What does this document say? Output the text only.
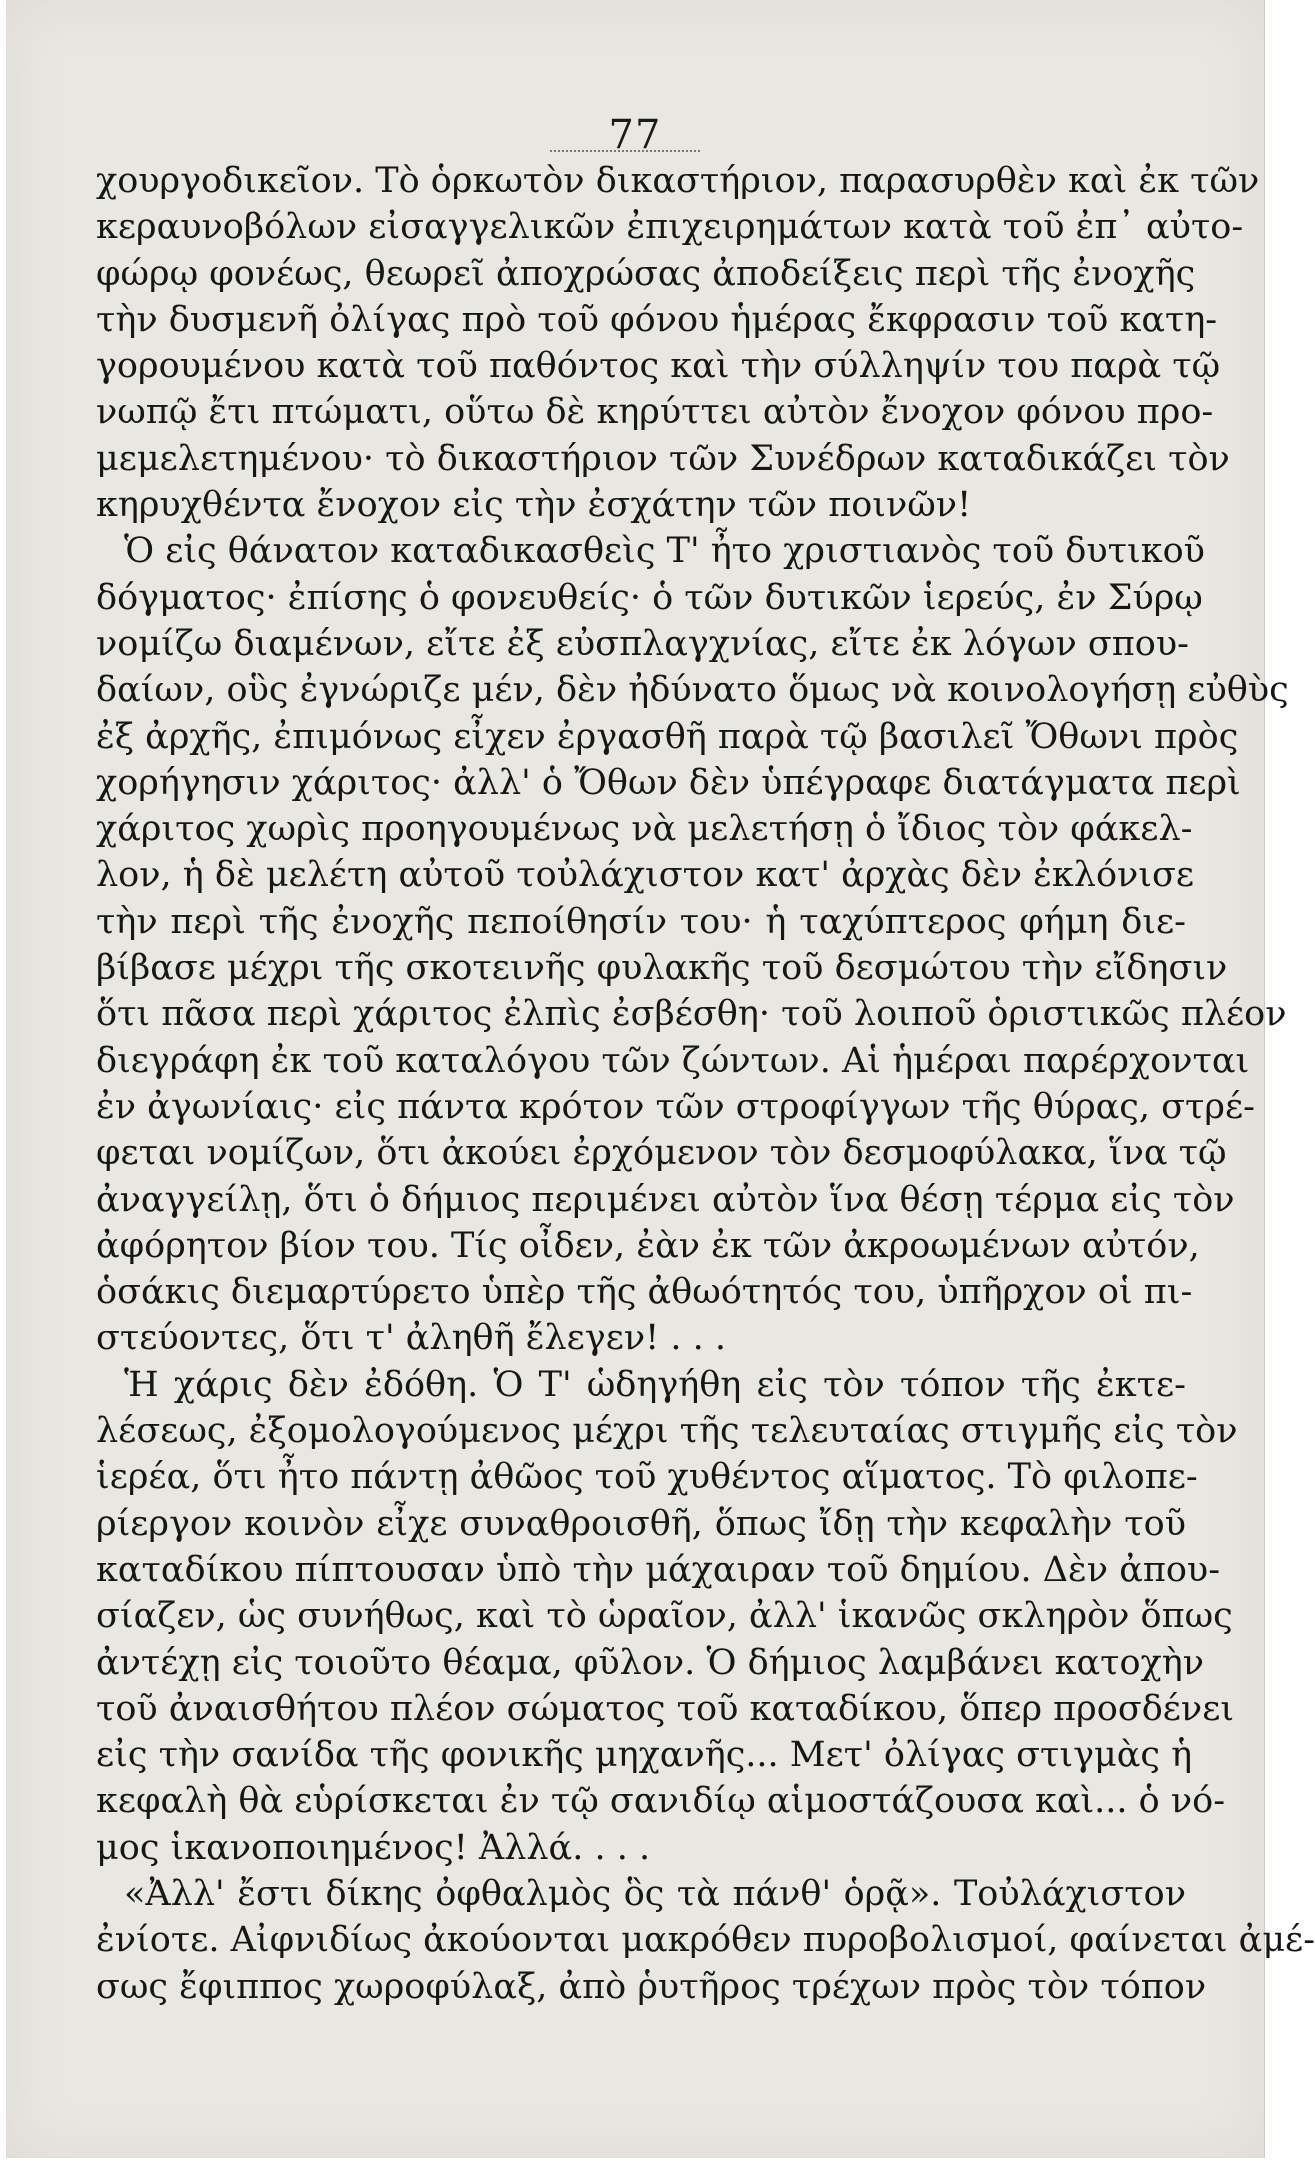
77
χουργοδικεῖον. Τὸ ὁρκωτὸν δικαστήριον, παρασυρθὲν καὶ ἐκ τῶν
κεραυνοβόλων εἰσαγγελικῶν ἐπιχειρημάτων κατὰ τοῦ ἐπ᾽ αὐτο-
φώρῳ φονέως, θεωρεῖ ἀποχρώσας ἀποδείξεις περὶ τῆς ἐνοχῆς
τὴν δυσμενῆ ὀλίγας πρὸ τοῦ φόνου ἡμέρας ἔκφρασιν τοῦ κατη-
γορουμένου κατὰ τοῦ παθόντος καὶ τὴν σύλληψίν του παρὰ τῷ
νωπῷ ἔτι πτώματι, οὕτω δὲ κηρύττει αὐτὸν ἔνοχον φόνου προ-
μεμελετημένου· τὸ δικαστήριον τῶν Συνέδρων καταδικάζει τὸν
κηρυχθέντα ἔνοχον εἰς τὴν ἐσχάτην τῶν ποινῶν!
Ὁ εἰς θάνατον καταδικασθεὶς Τ' ἦτο χριστιανὸς τοῦ δυτικοῦ
δόγματος· ἐπίσης ὁ φονευθείς· ὁ τῶν δυτικῶν ἱερεύς, ἐν Σύρῳ
νομίζω διαμένων, εἴτε ἐξ εὐσπλαγχνίας, εἴτε ἐκ λόγων σπου-
δαίων, οὓς ἐγνώριζε μέν, δὲν ἠδύνατο ὅμως νὰ κοινολογήσῃ εὐθὺς
ἐξ ἀρχῆς, ἐπιμόνως εἶχεν ἐργασθῆ παρὰ τῷ βασιλεῖ Ὄθωνι πρὸς
χορήγησιν χάριτος· ἀλλ' ὁ Ὄθων δὲν ὑπέγραφε διατάγματα περὶ
χάριτος χωρὶς προηγουμένως νὰ μελετήσῃ ὁ ἴδιος τὸν φάκελ-
λον, ἡ δὲ μελέτη αὐτοῦ τοὐλάχιστον κατ' ἀρχὰς δὲν ἐκλόνισε
τὴν περὶ τῆς ἐνοχῆς πεποίθησίν του· ἡ ταχύπτερος φήμη διε-
βίβασε μέχρι τῆς σκοτεινῆς φυλακῆς τοῦ δεσμώτου τὴν εἴδησιν
ὅτι πᾶσα περὶ χάριτος ἐλπὶς ἐσβέσθη· τοῦ λοιποῦ ὁριστικῶς πλέον
διεγράφη ἐκ τοῦ καταλόγου τῶν ζώντων. Αἱ ἡμέραι παρέρχονται
ἐν ἀγωνίαις· εἰς πάντα κρότον τῶν στροφίγγων τῆς θύρας, στρέ-
φεται νομίζων, ὅτι ἀκούει ἐρχόμενον τὸν δεσμοφύλακα, ἵνα τῷ
ἀναγγείλῃ, ὅτι ὁ δήμιος περιμένει αὐτὸν ἵνα θέσῃ τέρμα εἰς τὸν
ἀφόρητον βίον του. Τίς οἶδεν, ἐὰν ἐκ τῶν ἀκροωμένων αὐτόν,
ὁσάκις διεμαρτύρετο ὑπὲρ τῆς ἀθωότητός του, ὑπῆρχον οἱ πι-
στεύοντες, ὅτι τ' ἀληθῆ ἔλεγεν! . . .
Ἡ χάρις δὲν ἐδόθη. Ὁ Τ' ὡδηγήθη εἰς τὸν τόπον τῆς ἐκτε-
λέσεως, ἐξομολογούμενος μέχρι τῆς τελευταίας στιγμῆς εἰς τὸν
ἱερέα, ὅτι ἦτο πάντῃ ἀθῶος τοῦ χυθέντος αἵματος. Τὸ φιλοπε-
ρίεργον κοινὸν εἶχε συναθροισθῆ, ὅπως ἴδῃ τὴν κεφαλὴν τοῦ
καταδίκου πίπτουσαν ὑπὸ τὴν μάχαιραν τοῦ δημίου. Δὲν ἀπου-
σίαζεν, ὡς συνήθως, καὶ τὸ ὡραῖον, ἀλλ' ἱκανῶς σκληρὸν ὅπως
ἀντέχῃ εἰς τοιοῦτο θέαμα, φῦλον. Ὁ δήμιος λαμβάνει κατοχὴν
τοῦ ἀναισθήτου πλέον σώματος τοῦ καταδίκου, ὅπερ προσδένει
εἰς τὴν σανίδα τῆς φονικῆς μηχανῆς... Μετ' ὀλίγας στιγμὰς ἡ
κεφαλὴ θὰ εὑρίσκεται ἐν τῷ σανιδίῳ αἱμοστάζουσα καὶ... ὁ νό-
μος ἱκανοποιημένος! Ἀλλά. . . .
«Ἀλλ' ἔστι δίκης ὀφθαλμὸς ὃς τὰ πάνθ' ὁρᾷ». Τοὐλάχιστον
ἐνίοτε. Αἰφνιδίως ἀκούονται μακρόθεν πυροβολισμοί, φαίνεται ἀμέ-
σως ἔφιππος χωροφύλαξ, ἀπὸ ῥυτῆρος τρέχων πρὸς τὸν τόπον
